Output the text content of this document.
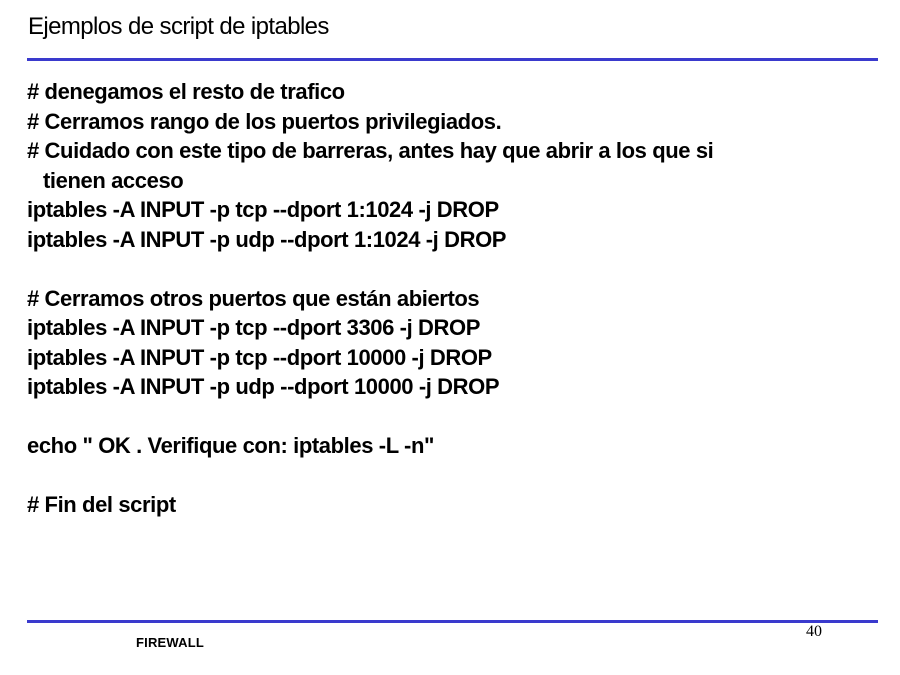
Ejemplos de script de iptables
# denegamos el resto de trafico
# Cerramos rango de los puertos privilegiados.
# Cuidado con este tipo de barreras, antes hay que abrir a los que si
tienen acceso
iptables -A INPUT -p tcp --dport 1:1024 -j DROP
iptables -A INPUT -p udp --dport 1:1024 -j DROP
# Cerramos otros puertos que están abiertos
iptables -A INPUT -p tcp --dport 3306 -j DROP
iptables -A INPUT -p tcp --dport 10000 -j DROP
iptables -A INPUT -p udp --dport 10000 -j DROP
echo " OK . Verifique con: iptables -L -n"
# Fin del script
FIREWALL
40
